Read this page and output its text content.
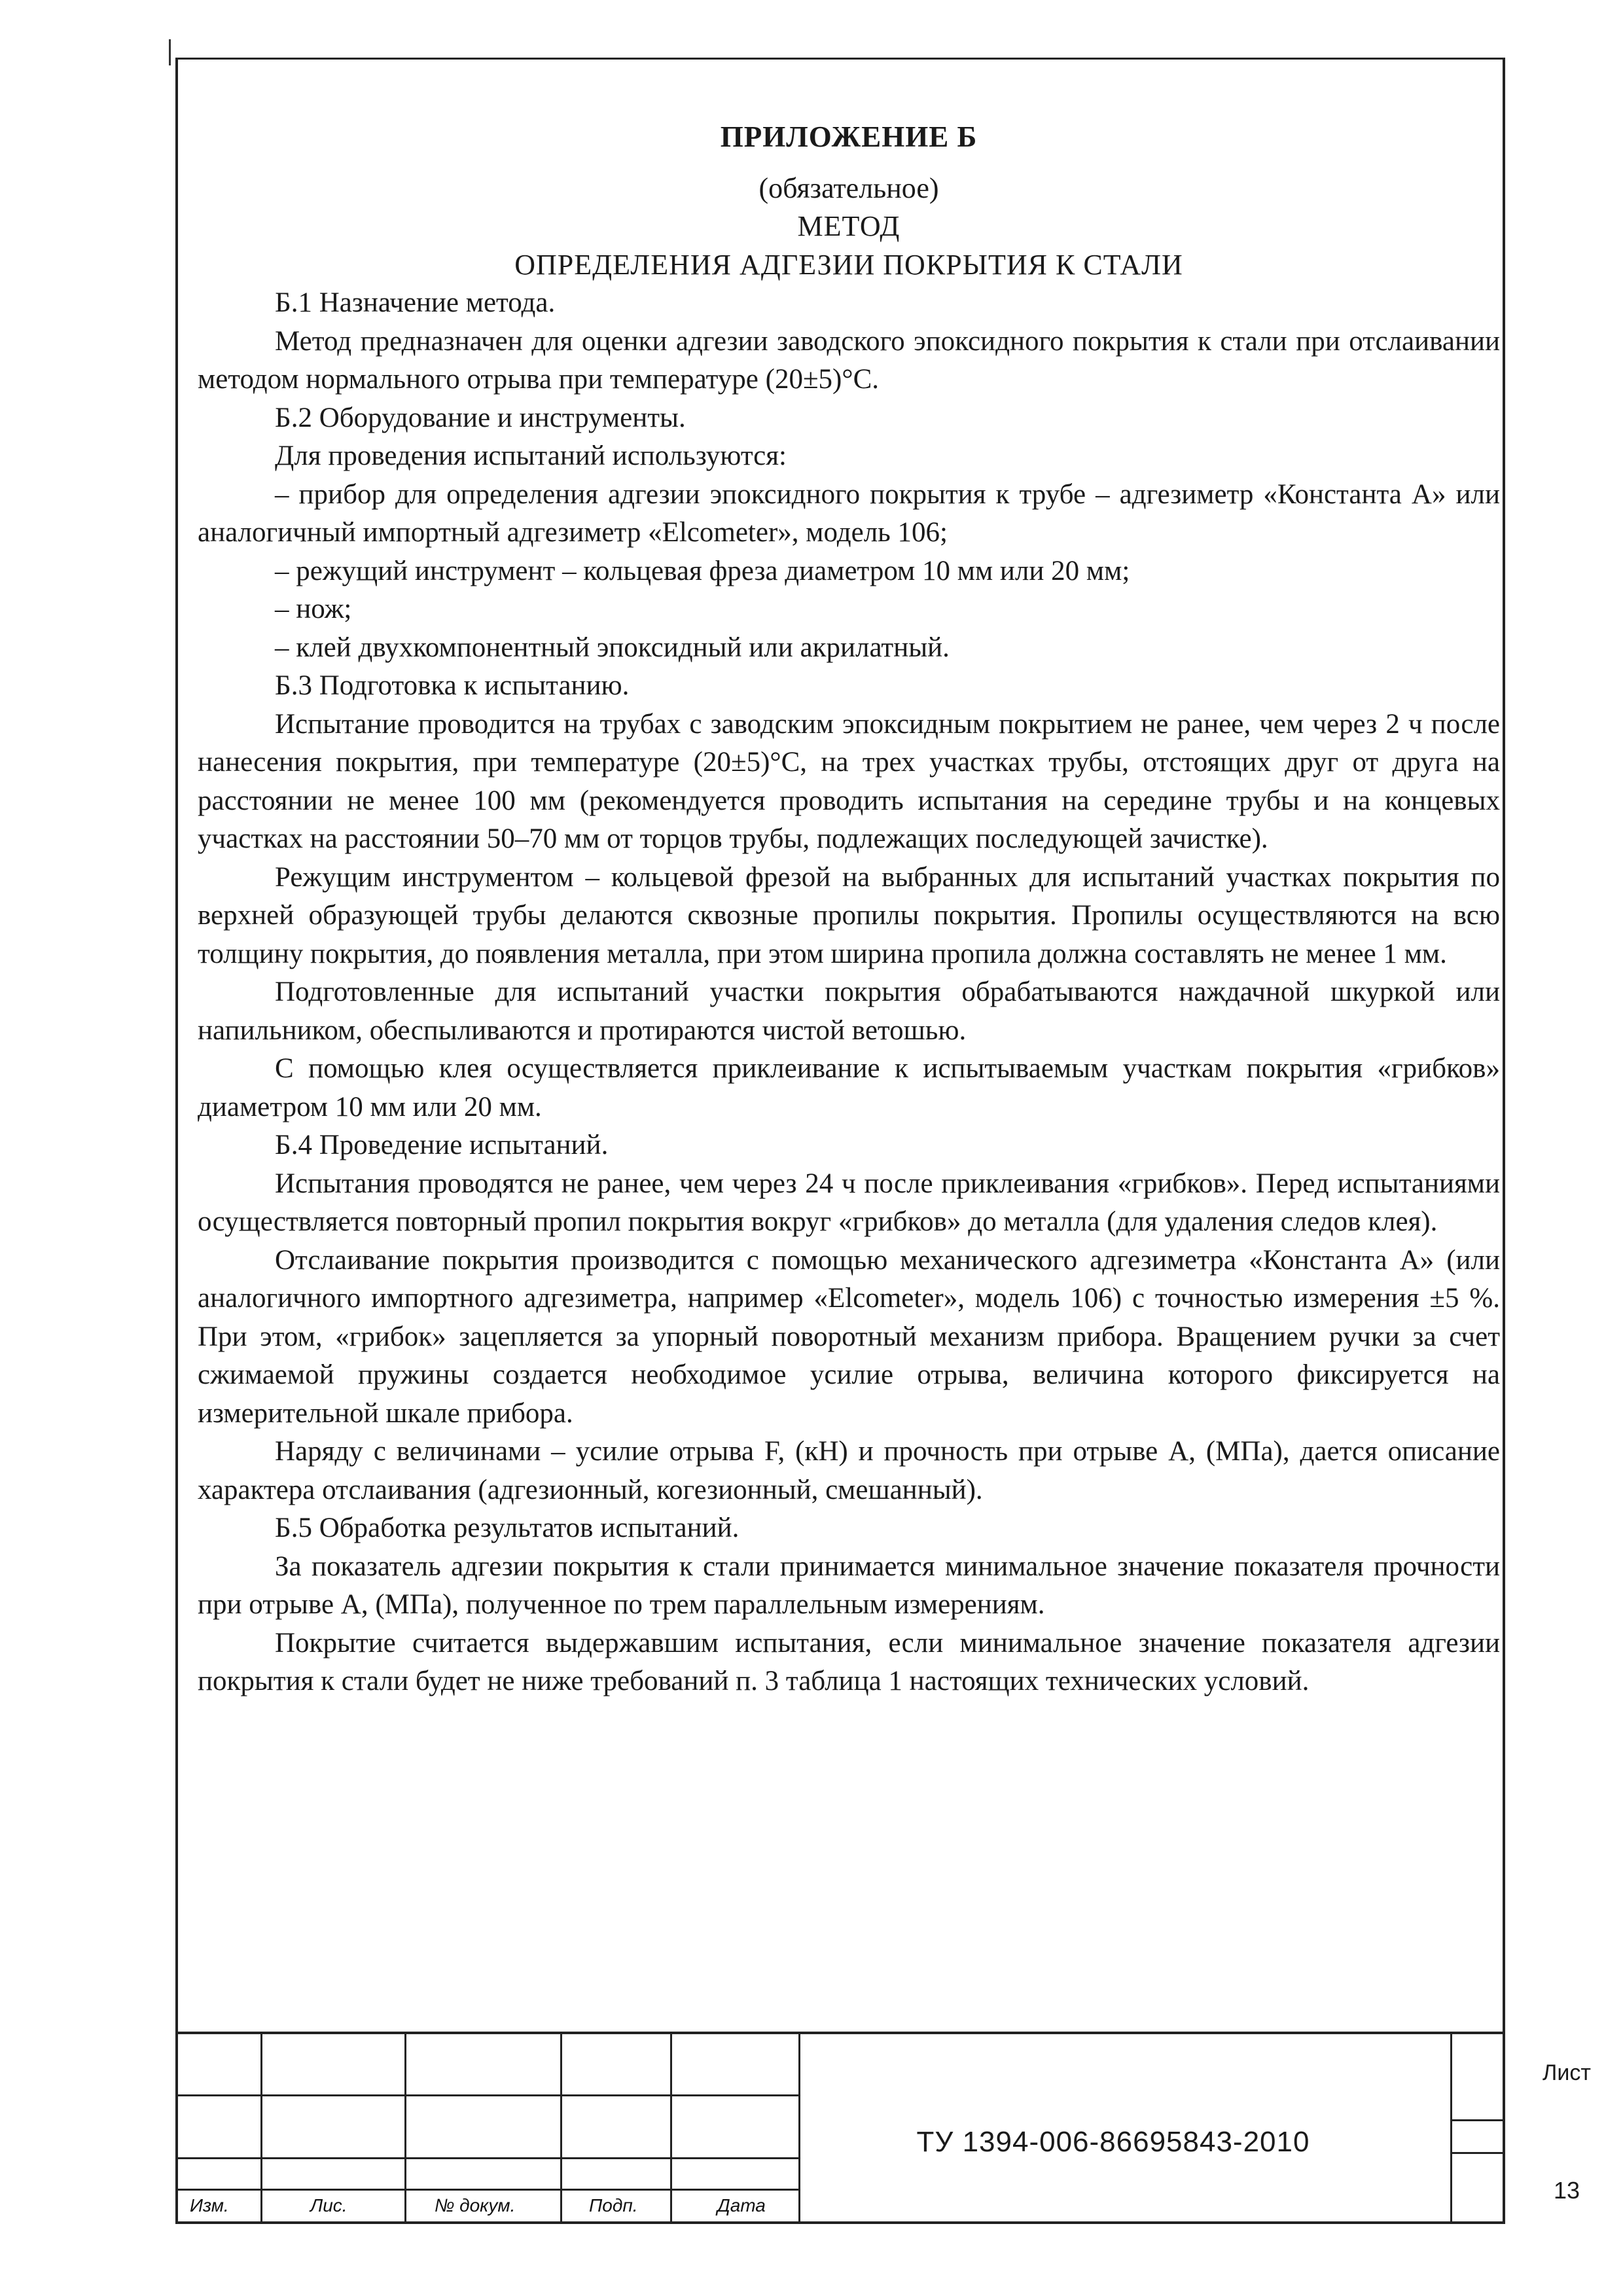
ПРИЛОЖЕНИЕ Б

(обязательное)

МЕТОД

ОПРЕДЕЛЕНИЯ АДГЕЗИИ ПОКРЫТИЯ К СТАЛИ

Б.1 Назначение метода.

Метод предназначен для оценки адгезии заводского эпоксидного покрытия к стали при отслаивании методом нормального отрыва при температуре (20±5)°С.

Б.2 Оборудование и инструменты.

Для проведения испытаний используются:

– прибор для определения адгезии эпоксидного покрытия к трубе – адгезиметр «Константа А» или аналогичный импортный адгезиметр «Elcometer», модель 106;

– режущий инструмент – кольцевая фреза диаметром 10 мм или 20 мм;

– нож;

– клей двухкомпонентный эпоксидный или акрилатный.

Б.3 Подготовка к испытанию.

Испытание проводится на трубах с заводским эпоксидным покрытием не ранее, чем через 2 ч после нанесения покрытия, при температуре (20±5)°С, на трех участках трубы, отстоящих друг от друга на расстоянии не менее 100 мм (рекомендуется проводить испытания на середине трубы и на концевых участках на расстоянии 50–70 мм от торцов трубы, подлежащих последующей зачистке).

Режущим инструментом – кольцевой фрезой на выбранных для испытаний участках покрытия по верхней образующей трубы делаются сквозные пропилы покрытия. Пропилы осуществляются на всю толщину покрытия, до появления металла, при этом ширина пропила должна составлять не менее 1 мм.

Подготовленные для испытаний участки покрытия обрабатываются наждачной шкуркой или напильником, обеспыливаются и протираются чистой ветошью.

С помощью клея осуществляется приклеивание к испытываемым участкам покрытия «грибков» диаметром 10 мм или 20 мм.

Б.4 Проведение испытаний.

Испытания проводятся не ранее, чем через 24 ч после приклеивания «грибков». Перед испытаниями осуществляется повторный пропил покрытия вокруг «грибков» до металла (для удаления следов клея).

Отслаивание покрытия производится с помощью механического адгезиметра «Константа А» (или аналогичного импортного адгезиметра, например «Elcometer», модель 106) с точностью измерения ±5 %. При этом, «грибок» зацепляется за упорный поворотный механизм прибора. Вращением ручки за счет сжимаемой пружины создается необходимое усилие отрыва, величина которого фиксируется на измерительной шкале прибора.

Наряду с величинами – усилие отрыва F, (кН) и прочность при отрыве А, (МПа), дается описание характера отслаивания (адгезионный, когезионный, смешанный).

Б.5 Обработка результатов испытаний.

За показатель адгезии покрытия к стали принимается минимальное значение показателя прочности при отрыве А, (МПа), полученное по трем параллельным измерениям.

Покрытие считается выдержавшим испытания, если минимальное значение показателя адгезии покрытия к стали будет не ниже требований п. 3 таблица 1 настоящих технических условий.

Изм.	Лис.	№ докум.	Подп.	Дата
ТУ 1394-006-86695843-2010
Лист
13
